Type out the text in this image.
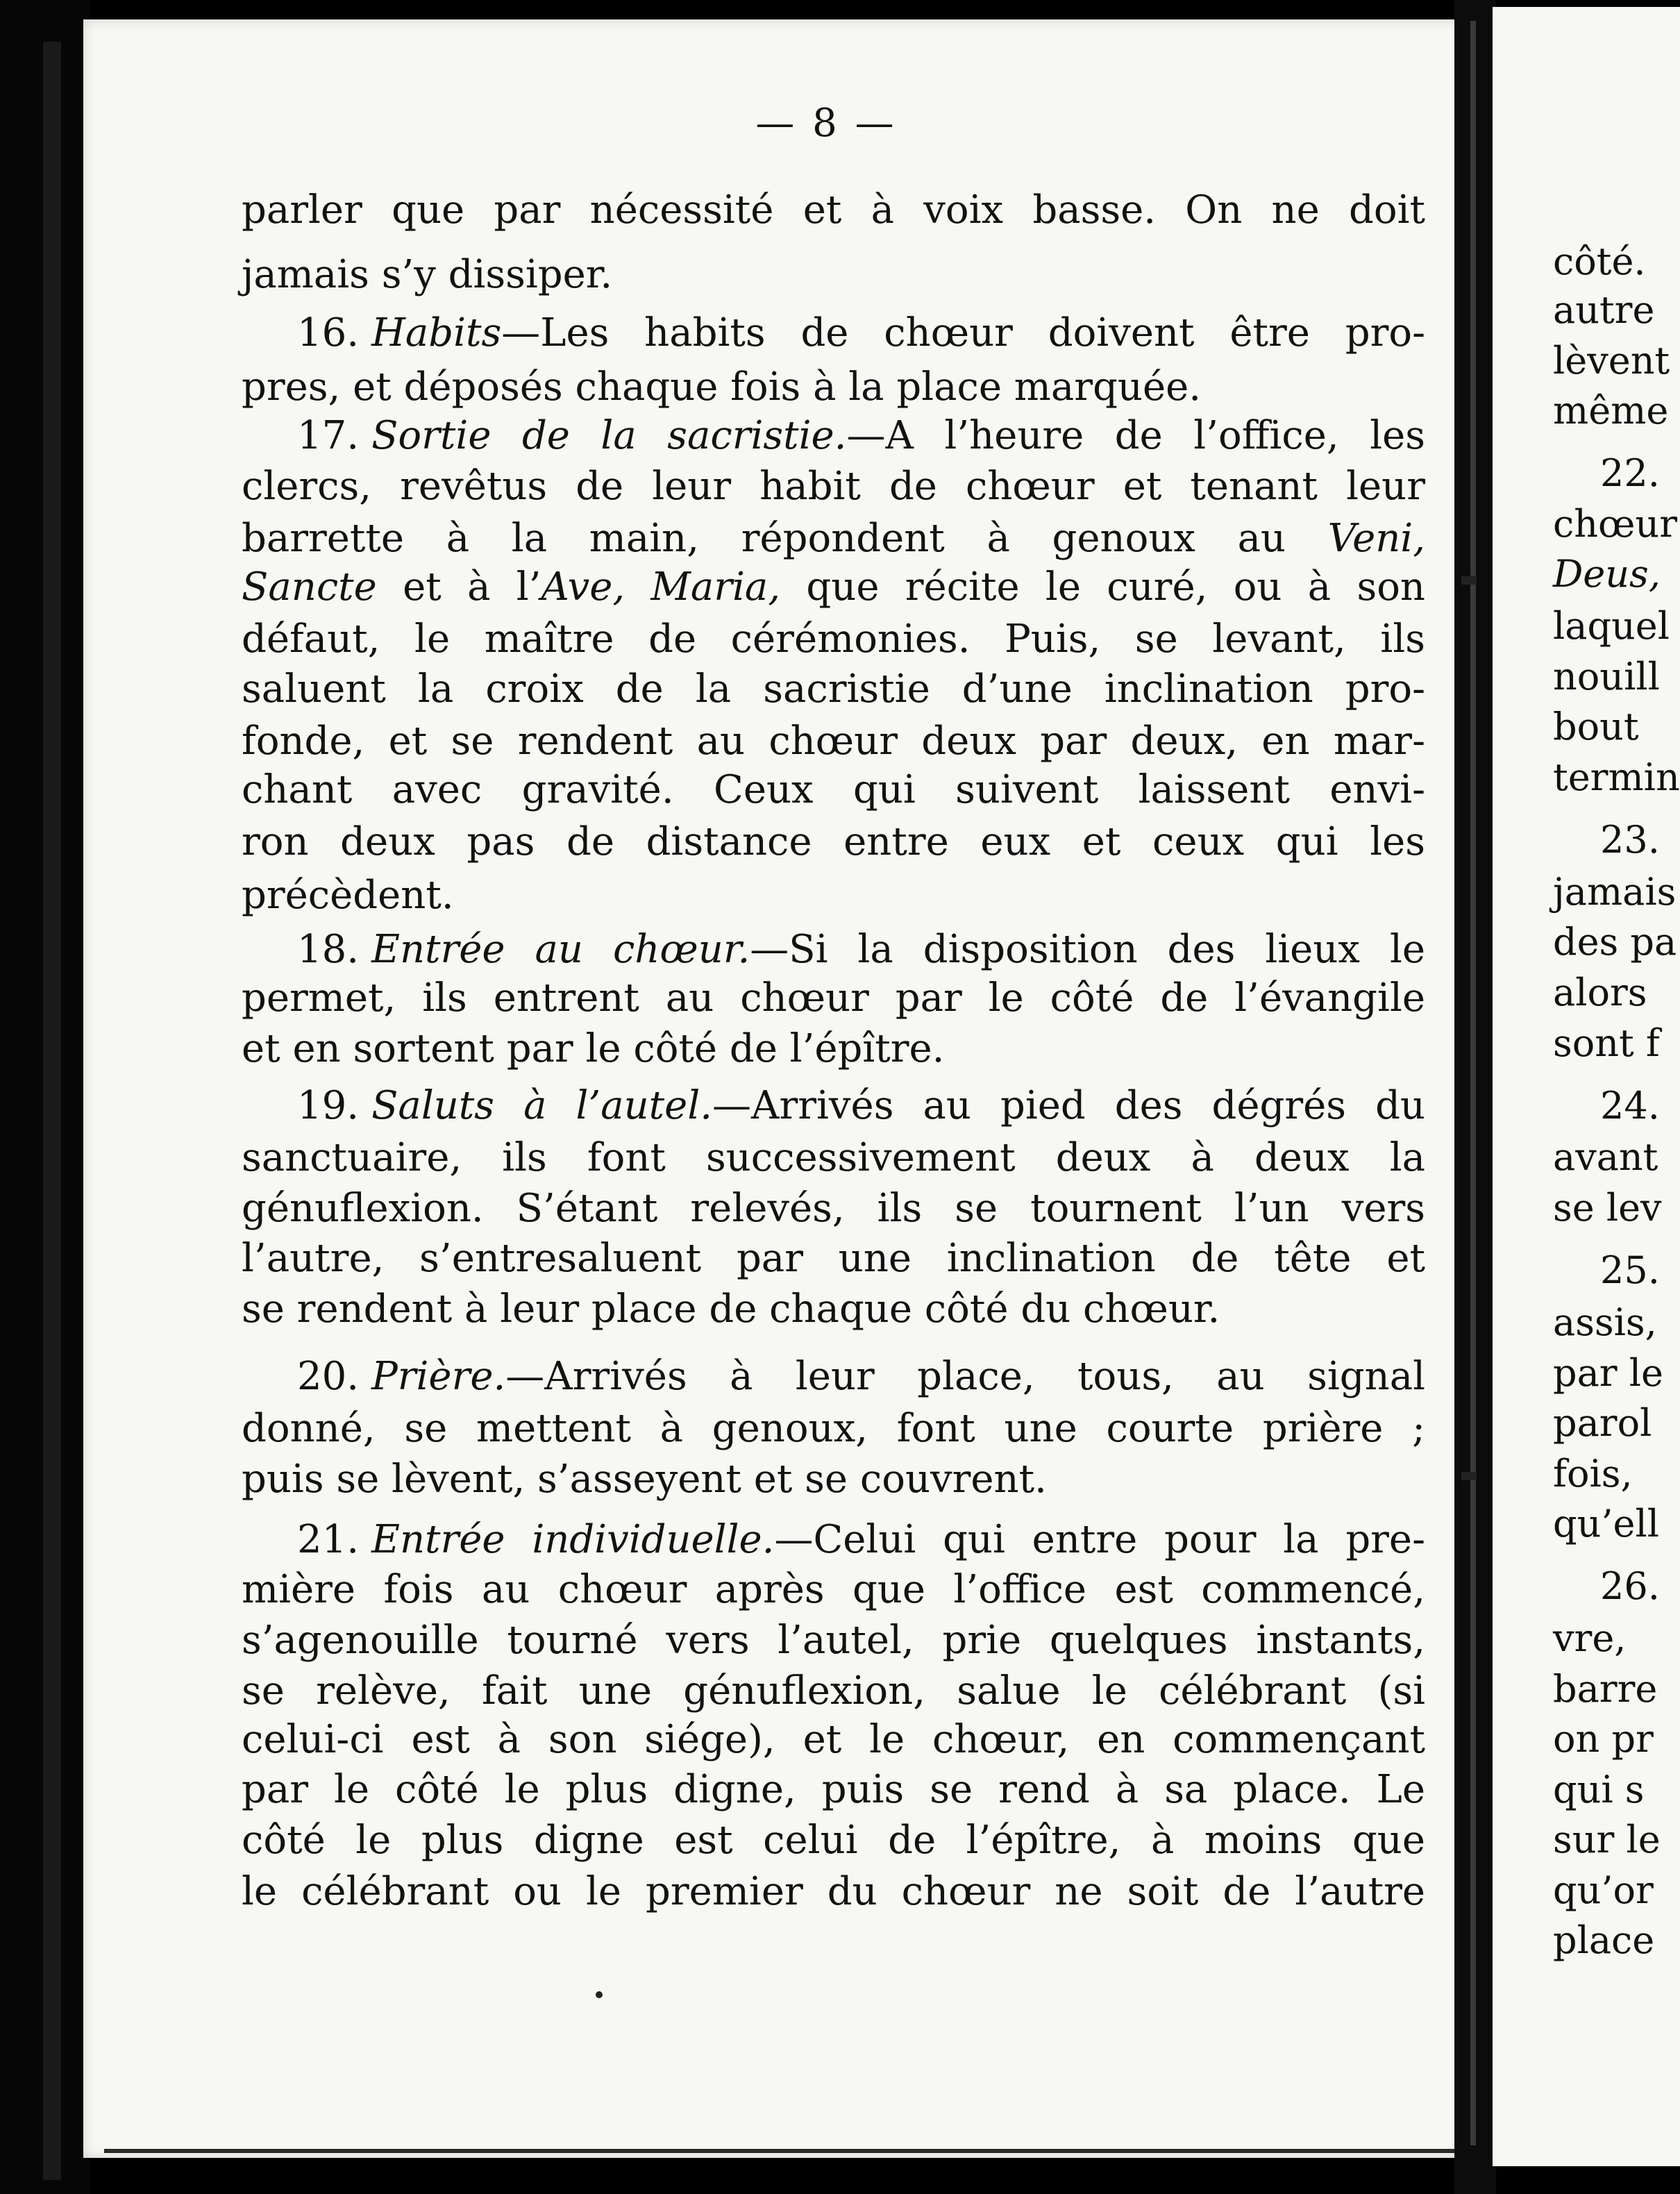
— 8 —
parler que par nécessité et à voix basse. On ne doit
jamais s’y dissiper.
16. Habits—Les habits de chœur doivent être pro-
pres, et déposés chaque fois à la place marquée.
17. Sortie de la sacristie.—A l’heure de l’office, les
clercs, revêtus de leur habit de chœur et tenant leur
barrette à la main, répondent à genoux au Veni,
Sancte et à l’Ave, Maria, que récite le curé, ou à son
défaut, le maître de cérémonies. Puis, se levant, ils
saluent la croix de la sacristie d’une inclination pro-
fonde, et se rendent au chœur deux par deux, en mar-
chant avec gravité. Ceux qui suivent laissent envi-
ron deux pas de distance entre eux et ceux qui les
précèdent.
18. Entrée au chœur.—Si la disposition des lieux le
permet, ils entrent au chœur par le côté de l’évangile
et en sortent par le côté de l’épître.
19. Saluts à l’autel.—Arrivés au pied des dégrés du
sanctuaire, ils font successivement deux à deux la
génuflexion. S’étant relevés, ils se tournent l’un vers
l’autre, s’entresaluent par une inclination de tête et
se rendent à leur place de chaque côté du chœur.
20. Prière.—Arrivés à leur place, tous, au signal
donné, se mettent à genoux, font une courte prière ;
puis se lèvent, s’asseyent et se couvrent.
21. Entrée individuelle.—Celui qui entre pour la pre-
mière fois au chœur après que l’office est commencé,
s’agenouille tourné vers l’autel, prie quelques instants,
se relève, fait une génuflexion, salue le célébrant (si
celui-ci est à son siége), et le chœur, en commençant
par le côté le plus digne, puis se rend à sa place. Le
côté le plus digne est celui de l’épître, à moins que
le célébrant ou le premier du chœur ne soit de l’autre
côté.
autre
lèvent
même
22.
chœur
Deus,
laquel
nouill
bout
termin
23.
jamais
des pa
alors
sont f
24.
avant
se lev
25.
assis,
par le
parol
fois,
qu’ell
26.
vre,
barre
on pr
qui s
sur le
qu’or
place
